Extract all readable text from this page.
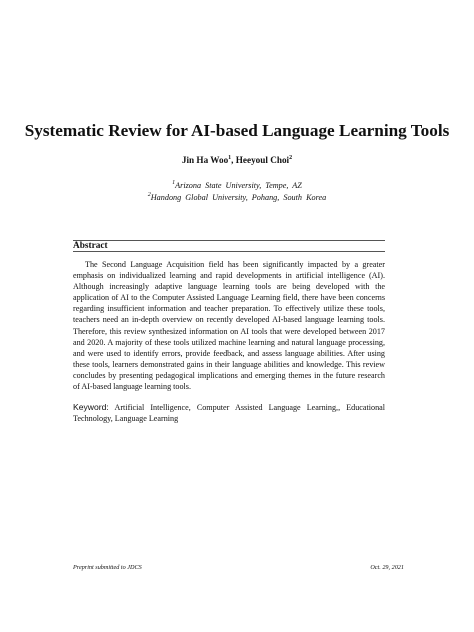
Systematic Review for AI-based Language Learning Tools
Jin Ha Woo$^1$, Heeyoul Choi$^2$
$^1$Arizona State University, Tempe, AZ
$^2$Handong Global University, Pohang, South Korea
Abstract

The Second Language Acquisition field has been significantly impacted by a greater emphasis on individualized learning and rapid developments in artificial intelligence (AI). Although increasingly adaptive language learning tools are being developed with the application of AI to the Computer Assisted Language Learning field, there have been concerns regarding insufficient information and teacher preparation. To effectively utilize these tools, teachers need an in-depth overview on recently developed AI-based language learning tools. Therefore, this review synthesized information on AI tools that were developed between 2017 and 2020. A majority of these tools utilized machine learning and natural language processing, and were used to identify errors, provide feedback, and assess language abilities. After using these tools, learners demonstrated gains in their language abilities and knowledge. This review concludes by presenting pedagogical implications and emerging themes in the future research of AI-based language learning tools.

Keyword: Artificial Intelligence, Computer Assisted Language Learning,, Educational Technology, Language Learning

Preprint submitted to JDCS	Oct. 29, 2021
